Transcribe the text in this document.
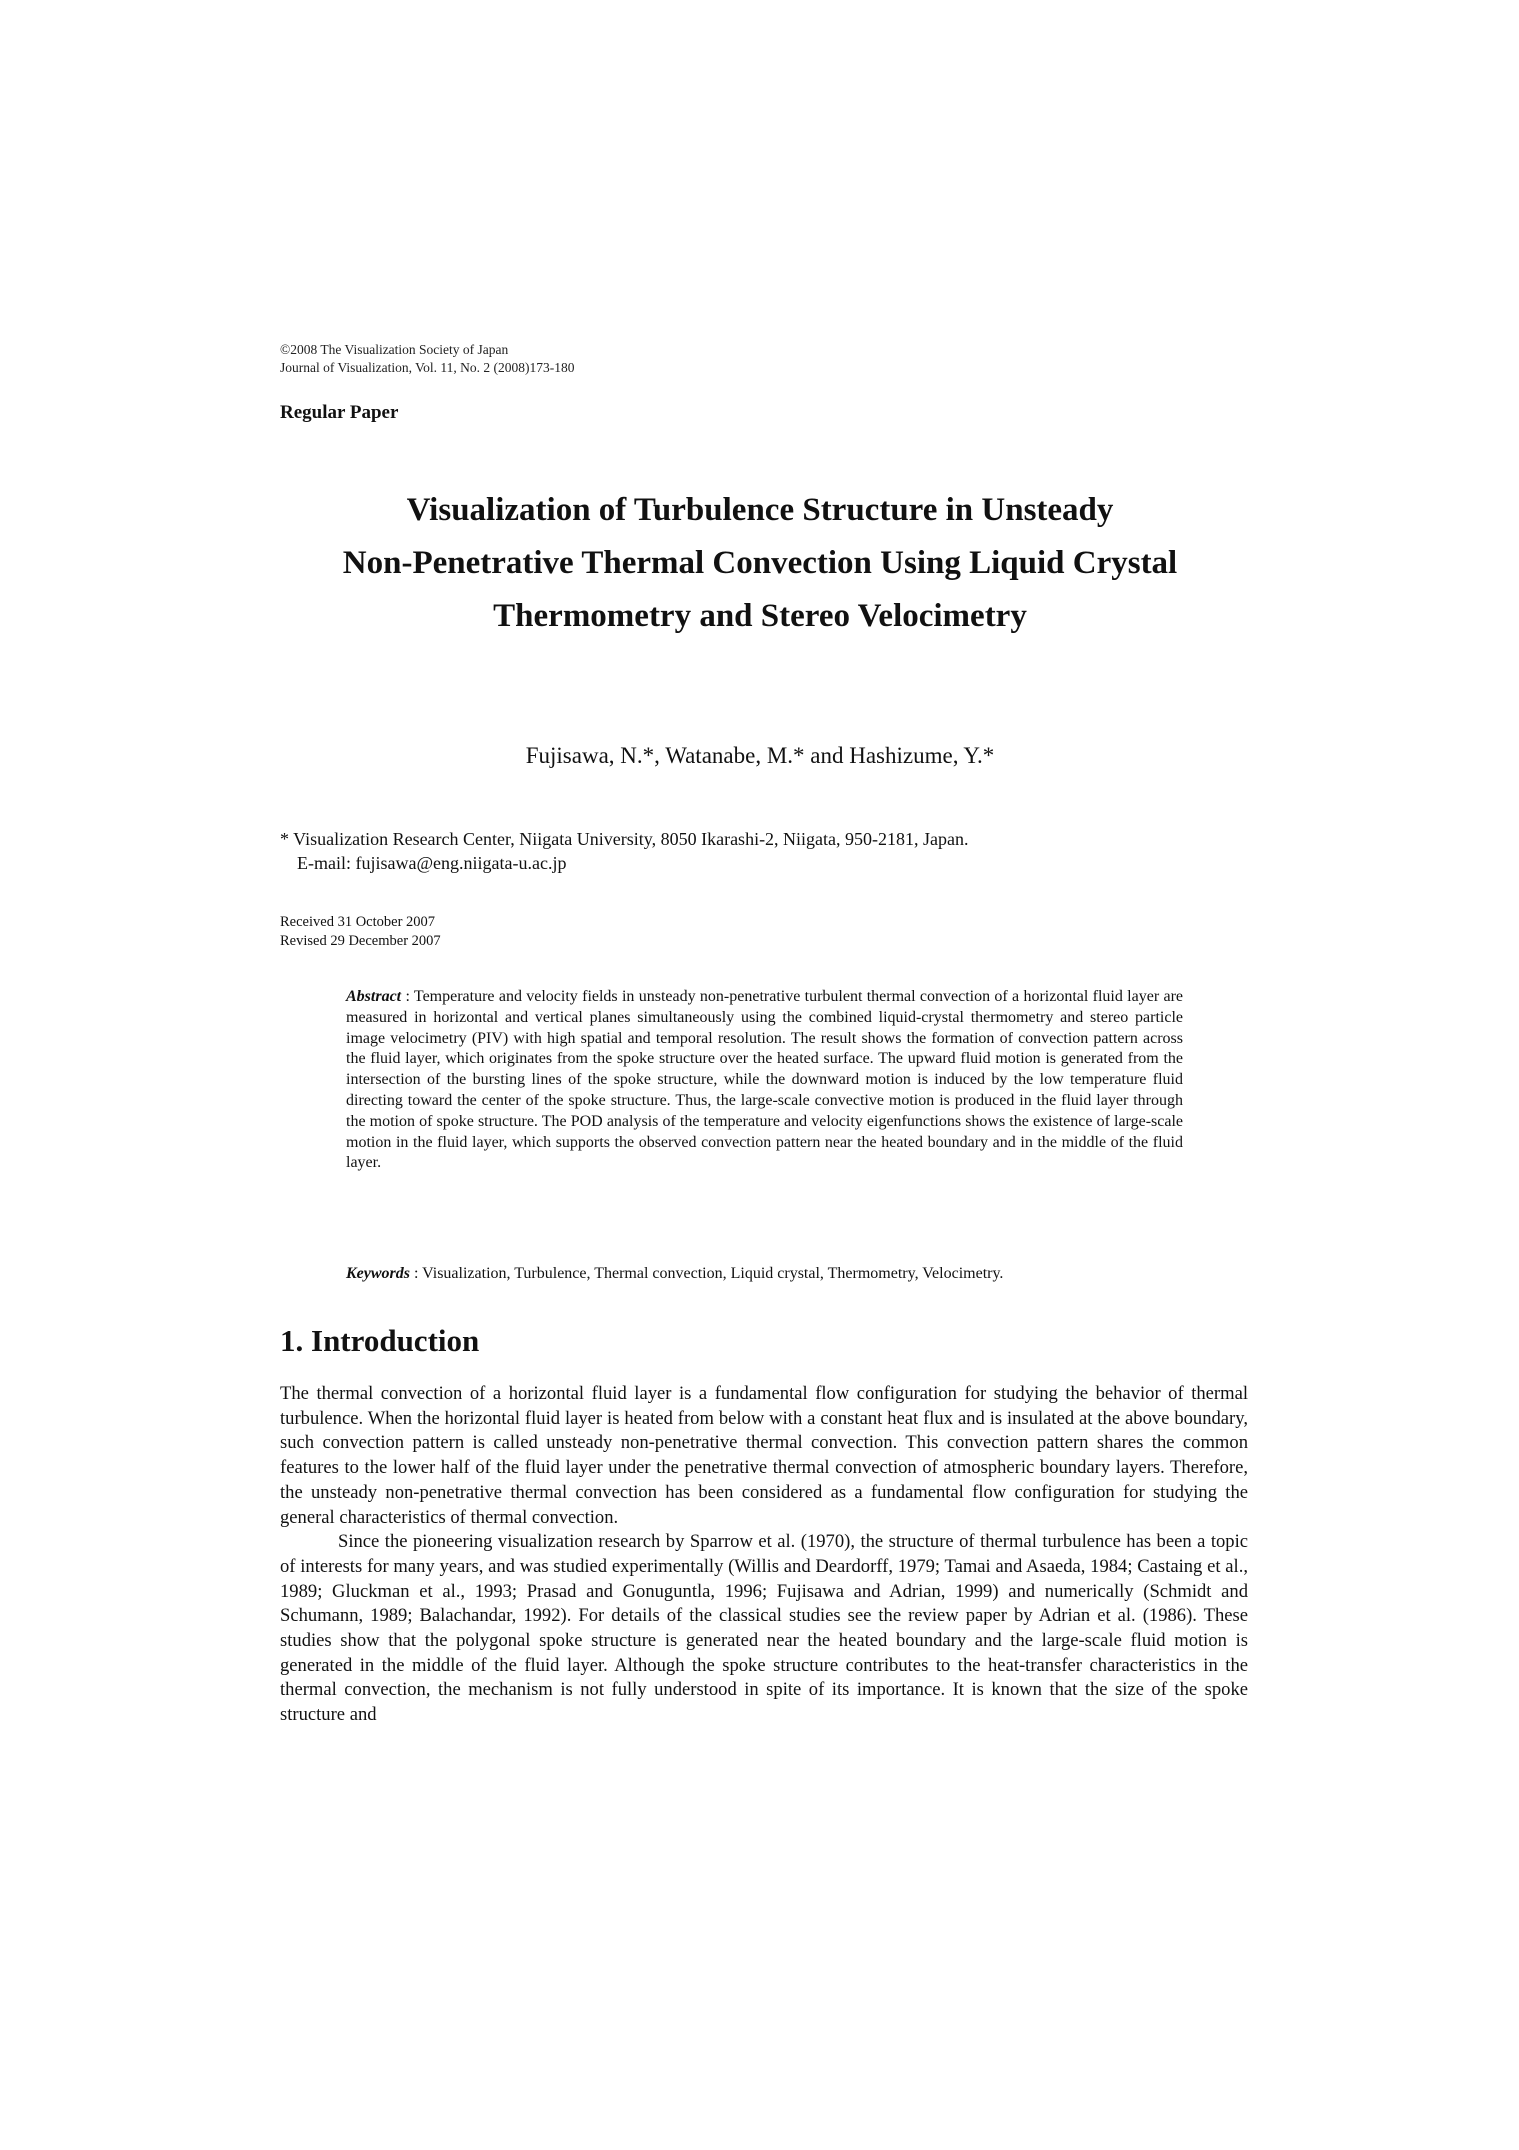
©2008 The Visualization Society of Japan
Journal of Visualization, Vol. 11, No. 2 (2008)173-180
Regular Paper
Visualization of Turbulence Structure in Unsteady
Non-Penetrative Thermal Convection Using Liquid Crystal
Thermometry and Stereo Velocimetry
Fujisawa, N.*, Watanabe, M.* and Hashizume, Y.*
* Visualization Research Center, Niigata University, 8050 Ikarashi-2, Niigata, 950-2181, Japan.
E-mail: fujisawa@eng.niigata-u.ac.jp
Received 31 October 2007
Revised 29 December 2007
Abstract : Temperature and velocity fields in unsteady non-penetrative turbulent thermal convection of a horizontal fluid layer are measured in horizontal and vertical planes simultaneously using the combined liquid-crystal thermometry and stereo particle image velocimetry (PIV) with high spatial and temporal resolution. The result shows the formation of convection pattern across the fluid layer, which originates from the spoke structure over the heated surface. The upward fluid motion is generated from the intersection of the bursting lines of the spoke structure, while the downward motion is induced by the low temperature fluid directing toward the center of the spoke structure. Thus, the large-scale convective motion is produced in the fluid layer through the motion of spoke structure. The POD analysis of the temperature and velocity eigenfunctions shows the existence of large-scale motion in the fluid layer, which supports the observed convection pattern near the heated boundary and in the middle of the fluid layer.
Keywords : Visualization, Turbulence, Thermal convection, Liquid crystal, Thermometry, Velocimetry.
1. Introduction

The thermal convection of a horizontal fluid layer is a fundamental flow configuration for studying the behavior of thermal turbulence. When the horizontal fluid layer is heated from below with a constant heat flux and is insulated at the above boundary, such convection pattern is called unsteady non-penetrative thermal convection. This convection pattern shares the common features to the lower half of the fluid layer under the penetrative thermal convection of atmospheric boundary layers. Therefore, the unsteady non-penetrative thermal convection has been considered as a fundamental flow configuration for studying the general characteristics of thermal convection.

Since the pioneering visualization research by Sparrow et al. (1970), the structure of thermal turbulence has been a topic of interests for many years, and was studied experimentally (Willis and Deardorff, 1979; Tamai and Asaeda, 1984; Castaing et al., 1989; Gluckman et al., 1993; Prasad and Gonuguntla, 1996; Fujisawa and Adrian, 1999) and numerically (Schmidt and Schumann, 1989; Balachandar, 1992). For details of the classical studies see the review paper by Adrian et al. (1986). These studies show that the polygonal spoke structure is generated near the heated boundary and the large-scale fluid motion is generated in the middle of the fluid layer. Although the spoke structure contributes to the heat-transfer characteristics in the thermal convection, the mechanism is not fully understood in spite of its importance. It is known that the size of the spoke structure and
